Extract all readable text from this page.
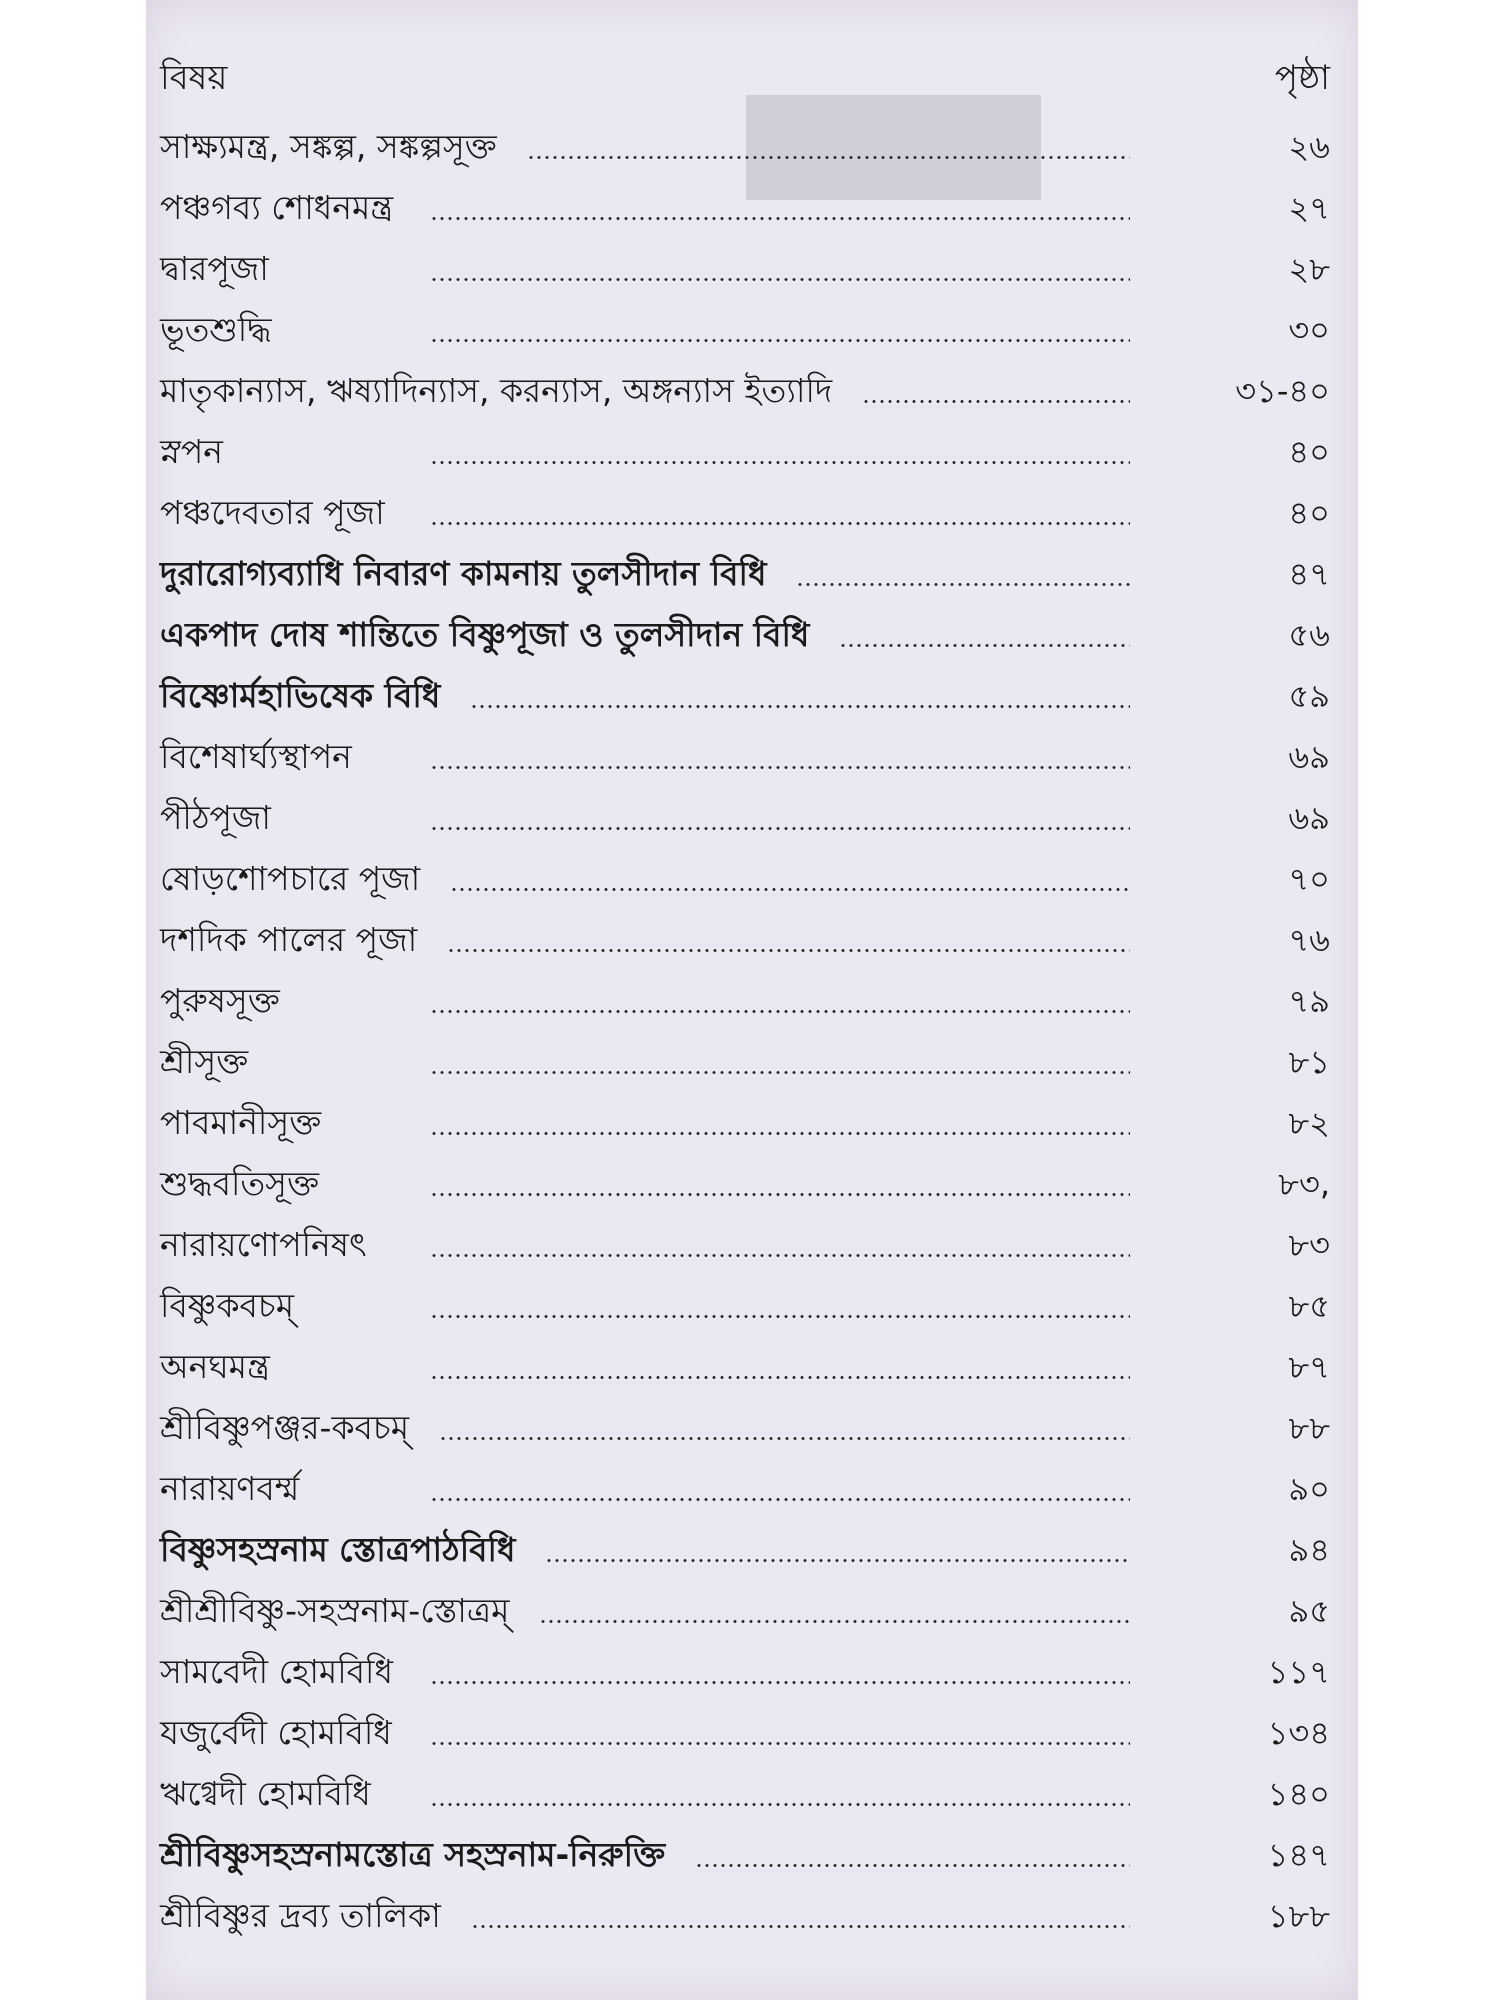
বিষয়	পৃষ্ঠা
সাক্ষ্যমন্ত্র, সঙ্কল্প, সঙ্কল্পসূক্ত	২৬
পঞ্চগব্য শোধনমন্ত্র	২৭
দ্বারপূজা	২৮
ভূতশুদ্ধি	৩০
মাতৃকান্যাস, ঋষ্যাদিন্যাস, করন্যাস, অঙ্গন্যাস ইত্যাদি	৩১-৪০
স্নপন	৪০
পঞ্চদেবতার পূজা	৪০
দুরারোগ্যব্যাধি নিবারণ কামনায় তুলসীদান বিধি	৪৭
একপাদ দোষ শান্তিতে বিষ্ণুপূজা ও তুলসীদান বিধি	৫৬
বিষ্ণোর্মহাভিষেক বিধি	৫৯
বিশেষার্ঘ্যস্থাপন	৬৯
পীঠপূজা	৬৯
ষোড়শোপচারে পূজা	৭০
দশদিক পালের পূজা	৭৬
পুরুষসূক্ত	৭৯
শ্রীসূক্ত	৮১
পাবমানীসূক্ত	৮২
শুদ্ধবতিসূক্ত	৮৩,
নারায়ণোপনিষৎ	৮৩
বিষ্ণুকবচম্	৮৫
অনঘমন্ত্র	৮৭
শ্রীবিষ্ণুপঞ্জর-কবচম্	৮৮
নারায়ণবর্ম্ম	৯০
বিষ্ণুসহস্রনাম স্তোত্রপাঠবিধি	৯৪
শ্রীশ্রীবিষ্ণু-সহস্রনাম-স্তোত্রম্	৯৫
সামবেদী হোমবিধি	১১৭
যজুর্বেদী হোমবিধি	১৩৪
ঋগ্বেদী হোমবিধি	১৪০
শ্রীবিষ্ণুসহস্রনামস্তোত্র সহস্রনাম-নিরুক্তি	১৪৭
শ্রীবিষ্ণুর দ্রব্য তালিকা	১৮৮
